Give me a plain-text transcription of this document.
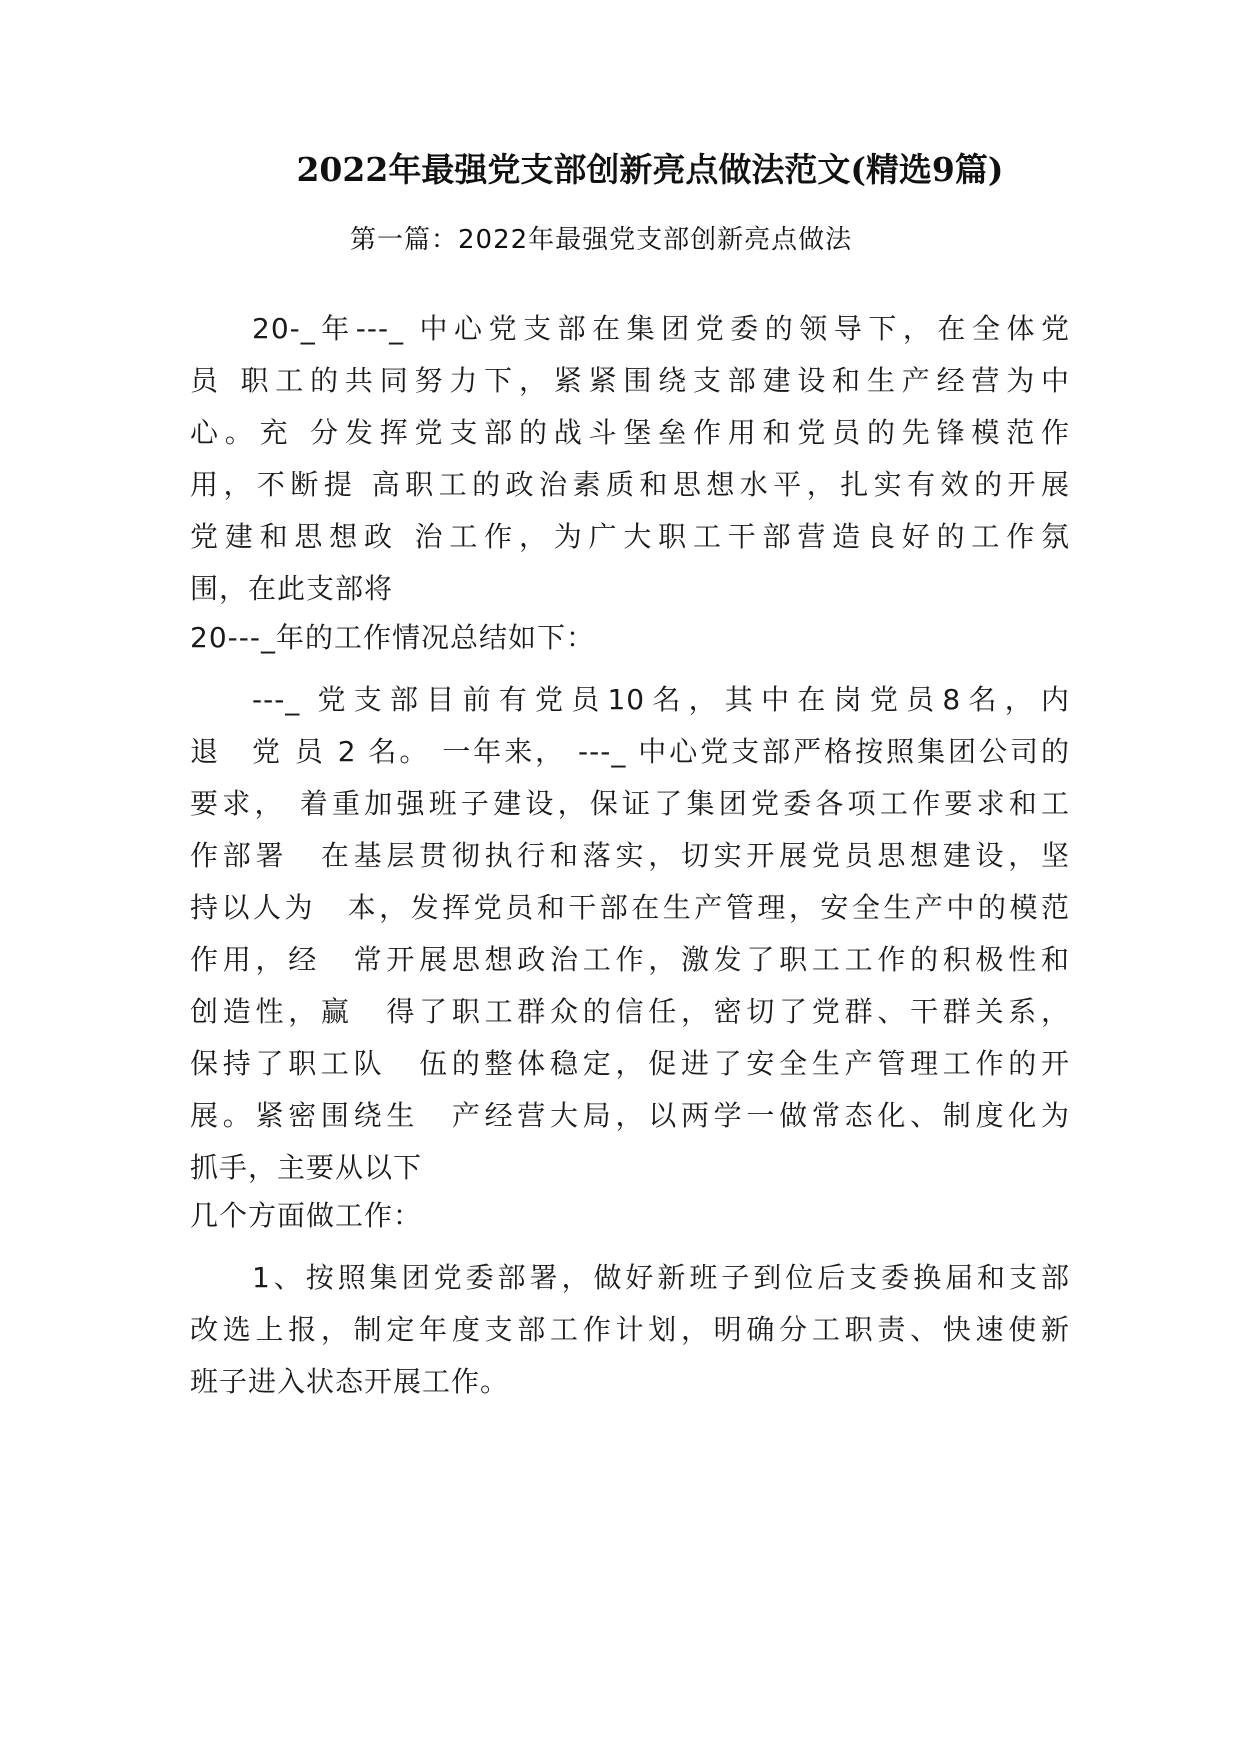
2022年最强党支部创新亮点做法范文(精选9篇)
第一篇：2022年最强党支部创新亮点做法
20-_年---_ 中心党支部在集团党委的领导下，在全体党
员 职工的共同努力下，紧紧围绕支部建设和生产经营为中
心。充 分发挥党支部的战斗堡垒作用和党员的先锋模范作
用，不断提 高职工的政治素质和思想水平，扎实有效的开展
党建和思想政 治工作，为广大职工干部营造良好的工作氛
围，在此支部将
20---_年的工作情况总结如下：
---_ 党支部目前有党员10名，其中在岗党员8名，内
退　党 员 2 名。 一年来， ---_ 中心党支部严格按照集团公司的
要求， 着重加强班子建设，保证了集团党委各项工作要求和工
作部署　在基层贯彻执行和落实，切实开展党员思想建设，坚
持以人为　本，发挥党员和干部在生产管理，安全生产中的模范
作用，经　常开展思想政治工作，激发了职工工作的积极性和
创造性，赢　得了职工群众的信任，密切了党群、干群关系，
保持了职工队　伍的整体稳定，促进了安全生产管理工作的开
展。紧密围绕生　产经营大局，以两学一做常态化、制度化为
抓手，主要从以下
几个方面做工作：
1、按照集团党委部署，做好新班子到位后支委换届和支部
改选上报，制定年度支部工作计划，明确分工职责、快速使新
班子进入状态开展工作。
